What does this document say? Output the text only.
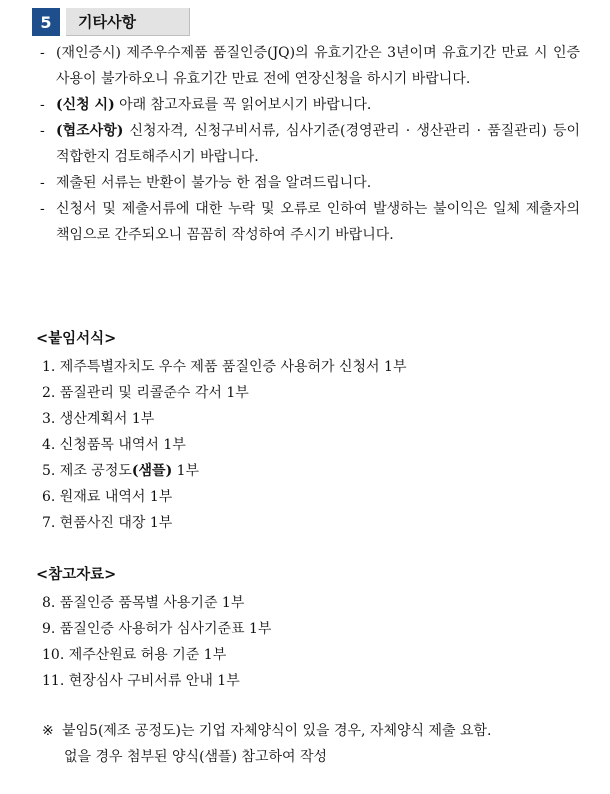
5	기타사항
- (재인증시) 제주우수제품 품질인증(JQ)의 유효기간은 3년이며 유효기간 만료 시 인증 사용이 불가하오니 유효기간 만료 전에 연장신청을 하시기 바랍니다.
- (신청 시) 아래 참고자료를 꼭 읽어보시기 바랍니다.
- (협조사항) 신청자격, 신청구비서류, 심사기준(경영관리 · 생산관리 · 품질관리) 등이 적합한지 검토해주시기 바랍니다.
- 제출된 서류는 반환이 불가능 한 점을 알려드립니다.
- 신청서 및 제출서류에 대한 누락 및 오류로 인하여 발생하는 불이익은 일체 제출자의 책임으로 간주되오니 꼼꼼히 작성하여 주시기 바랍니다.
<붙임서식>
1. 제주특별자치도 우수 제품 품질인증 사용허가 신청서 1부
2. 품질관리 및 리콜준수 각서 1부
3. 생산계획서 1부
4. 신청품목 내역서 1부
5. 제조 공정도(샘플) 1부
6. 원재료 내역서 1부
7. 현품사진 대장 1부
<참고자료>
8. 품질인증 품목별 사용기준 1부
9. 품질인증 사용허가 심사기준표 1부
10. 제주산원료 허용 기준 1부
11. 현장심사 구비서류 안내 1부
※ 붙임5(제조 공정도)는 기업 자체양식이 있을 경우, 자체양식 제출 요함.
없을 경우 첨부된 양식(샘플) 참고하여 작성
